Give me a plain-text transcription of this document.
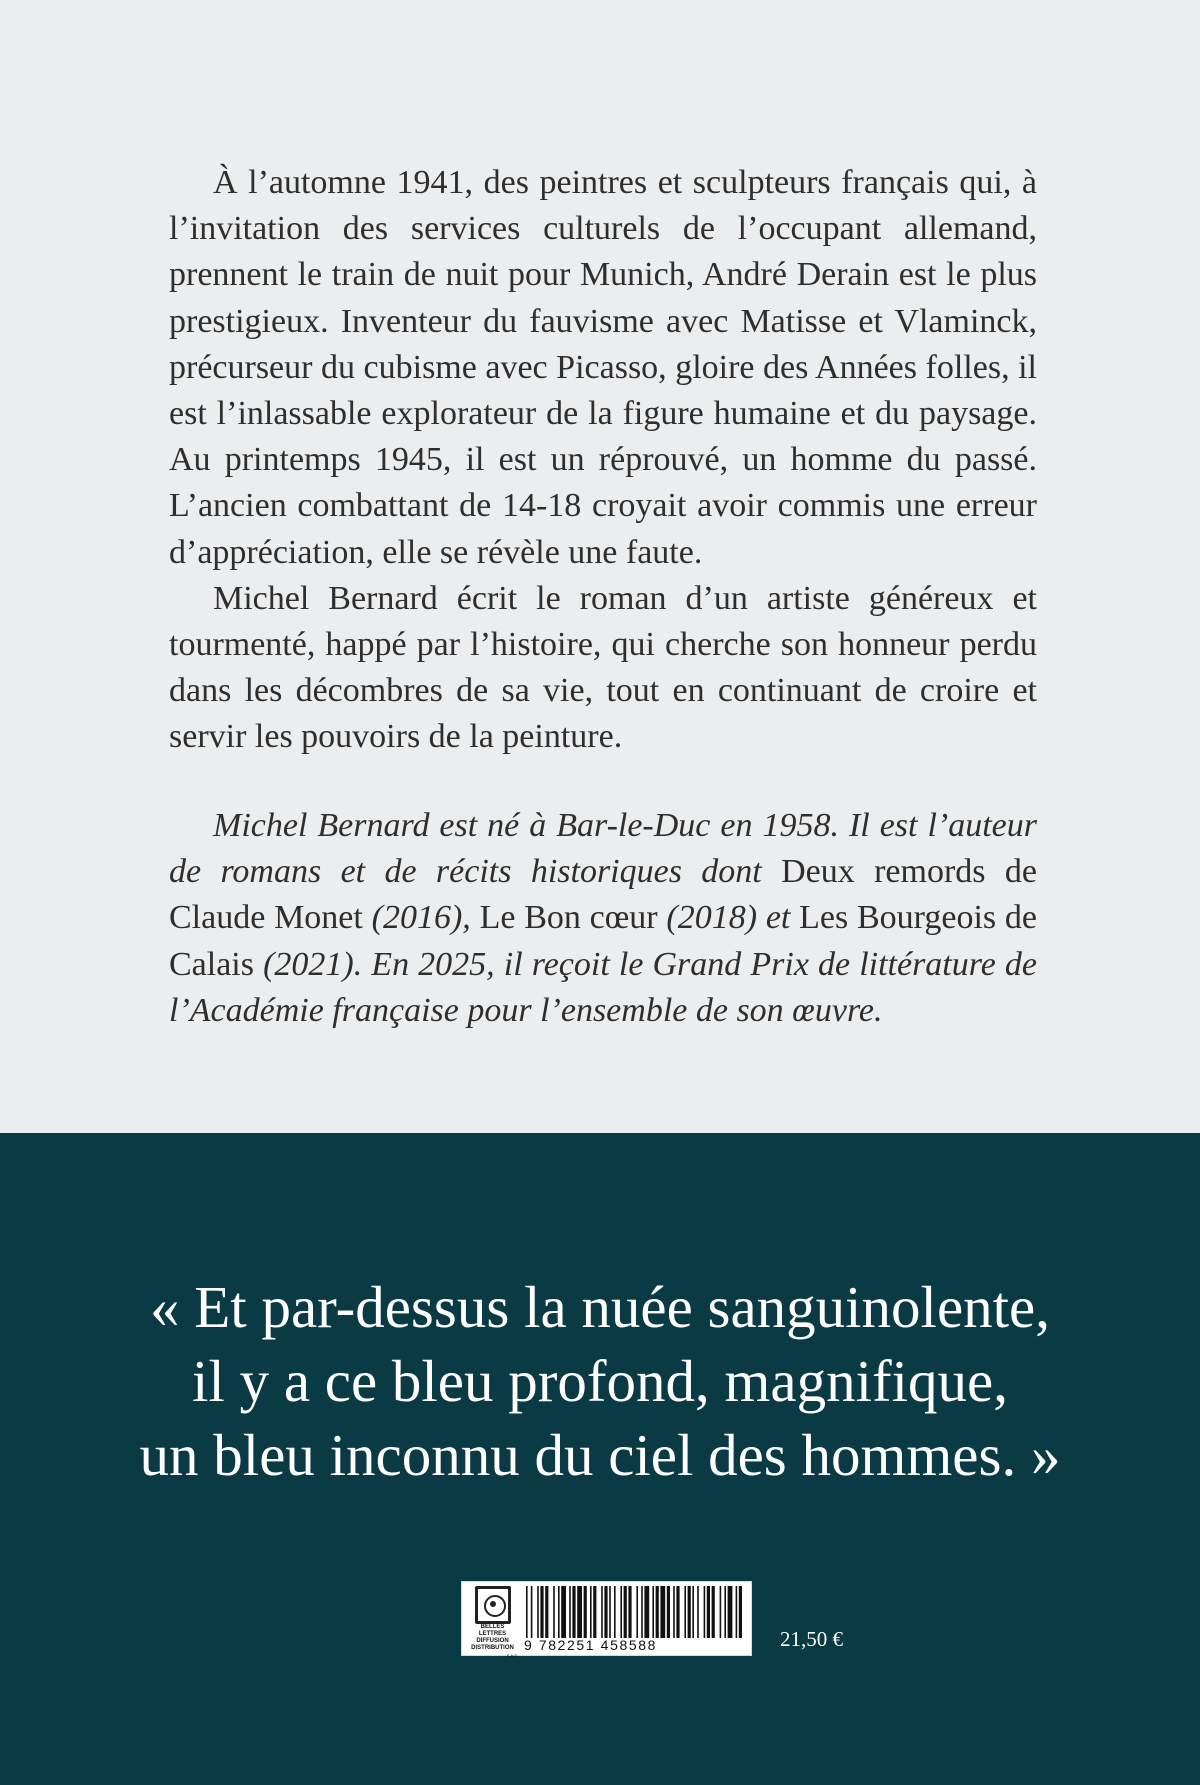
À l’automne 1941, des peintres et sculpteurs français qui, à l’invitation des services culturels de l’occupant allemand, prennent le train de nuit pour Munich, André Derain est le plus prestigieux. Inventeur du fauvisme avec Matisse et Vlaminck, précurseur du cubisme avec Picasso, gloire des Années folles, il est l’inlassable explorateur de la figure humaine et du paysage. Au printemps 1945, il est un réprouvé, un homme du passé. L’ancien combattant de 14-18 croyait avoir commis une erreur d’appréciation, elle se révèle une faute.

Michel Bernard écrit le roman d’un artiste généreux et tourmenté, happé par l’histoire, qui cherche son honneur perdu dans les décombres de sa vie, tout en continuant de croire et servir les pouvoirs de la peinture.

Michel Bernard est né à Bar-le-Duc en 1958. Il est l’auteur de romans et de récits historiques dont Deux remords de Claude Monet (2016), Le Bon cœur (2018) et Les Bourgeois de Calais (2021). En 2025, il reçoit le Grand Prix de littérature de l’Académie française pour l’ensemble de son œuvre.

« Et par-dessus la nuée sanguinolente,
il y a ce bleu profond, magnifique,
un bleu inconnu du ciel des hommes. »
BELLES LETTRES
DIFFUSION
DISTRIBUTION
S.A.S.
9 782251 458588	21,50 €
